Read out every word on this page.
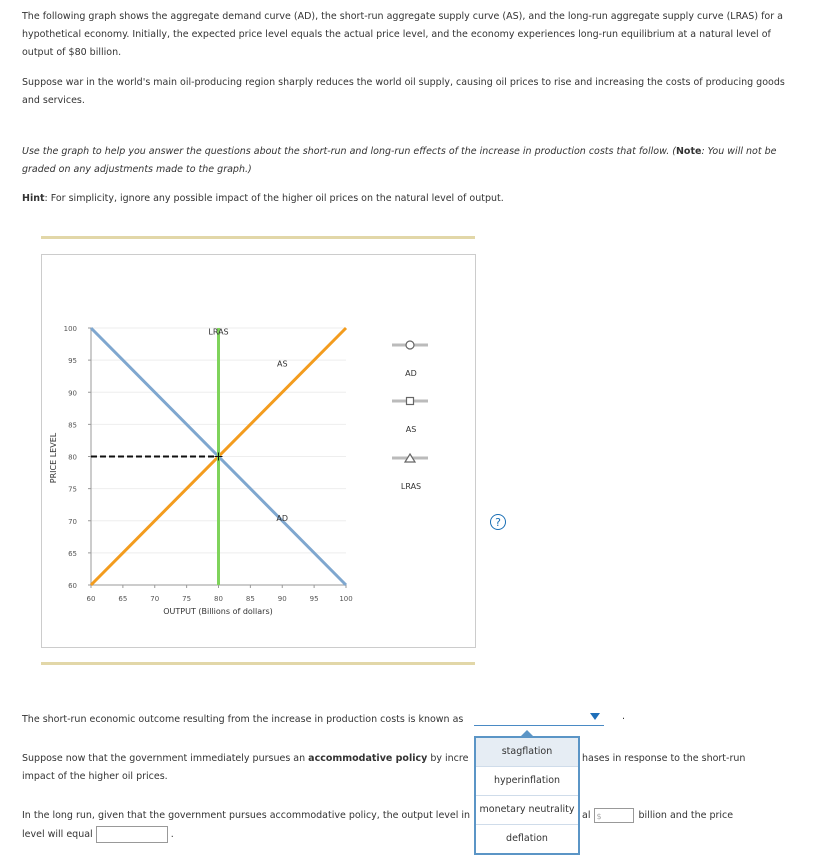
The following graph shows the aggregate demand curve (AD), the short-run aggregate supply curve (AS), and the long-run aggregate supply curve (LRAS) for a hypothetical economy. Initially, the expected price level equals the actual price level, and the economy experiences long-run equilibrium at a natural level of output of $80 billion.
Suppose war in the world's main oil-producing region sharply reduces the world oil supply, causing oil prices to rise and increasing the costs of producing goods and services.
Use the graph to help you answer the questions about the short-run and long-run effects of the increase in production costs that follow. (Note: You will not be graded on any adjustments made to the graph.)
Hint: For simplicity, ignore any possible impact of the higher oil prices on the natural level of output.
?
60
65
70
75
80
85
90
95
100
60	65	70	75	80	85	90	95	100
AD
AS
LRAS
AD
AS
LRAS
OUTPUT (Billions of dollars)
PRICE LEVEL
The short-run economic outcome resulting from the increase in production costs is known as	.
Suppose now that the government immediately pursues an accommodative policy by incre	hases in response to the short-run
impact of the higher oil prices.
In the long run, given that the government pursues accommodative policy, the output level in	al $	billion and the price
level will equal	.
stagflation
hyperinflation
monetary neutrality
deflation
